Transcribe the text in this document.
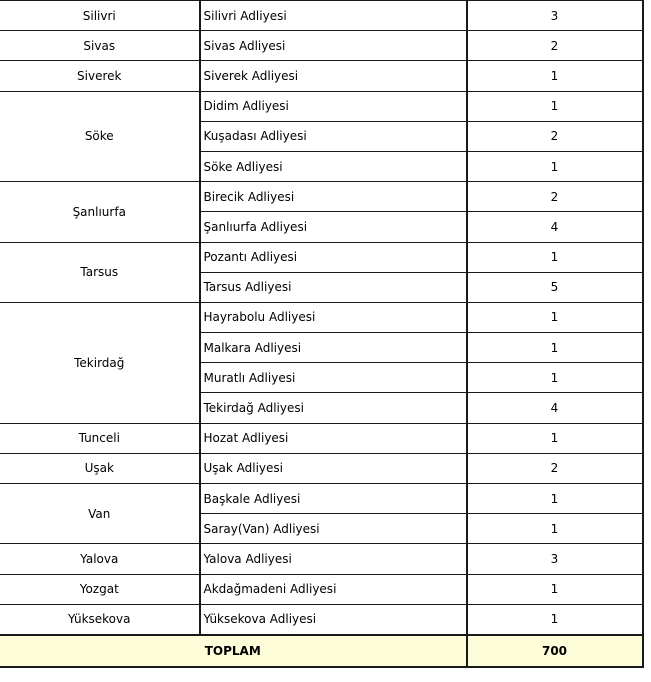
Silivri	Silivri Adliyesi	3
Sivas	Sivas Adliyesi	2
Siverek	Siverek Adliyesi	1
Söke	Didim Adliyesi	1
	Kuşadası Adliyesi	2
	Söke Adliyesi	1
Şanlıurfa	Birecik Adliyesi	2
	Şanlıurfa Adliyesi	4
Tarsus	Pozantı Adliyesi	1
	Tarsus Adliyesi	5
Tekirdağ	Hayrabolu Adliyesi	1
	Malkara Adliyesi	1
	Muratlı Adliyesi	1
	Tekirdağ Adliyesi	4
Tunceli	Hozat Adliyesi	1
Uşak	Uşak Adliyesi	2
Van	Başkale Adliyesi	1
	Saray(Van) Adliyesi	1
Yalova	Yalova Adliyesi	3
Yozgat	Akdağmadeni Adliyesi	1
Yüksekova	Yüksekova Adliyesi	1
TOPLAM		700
